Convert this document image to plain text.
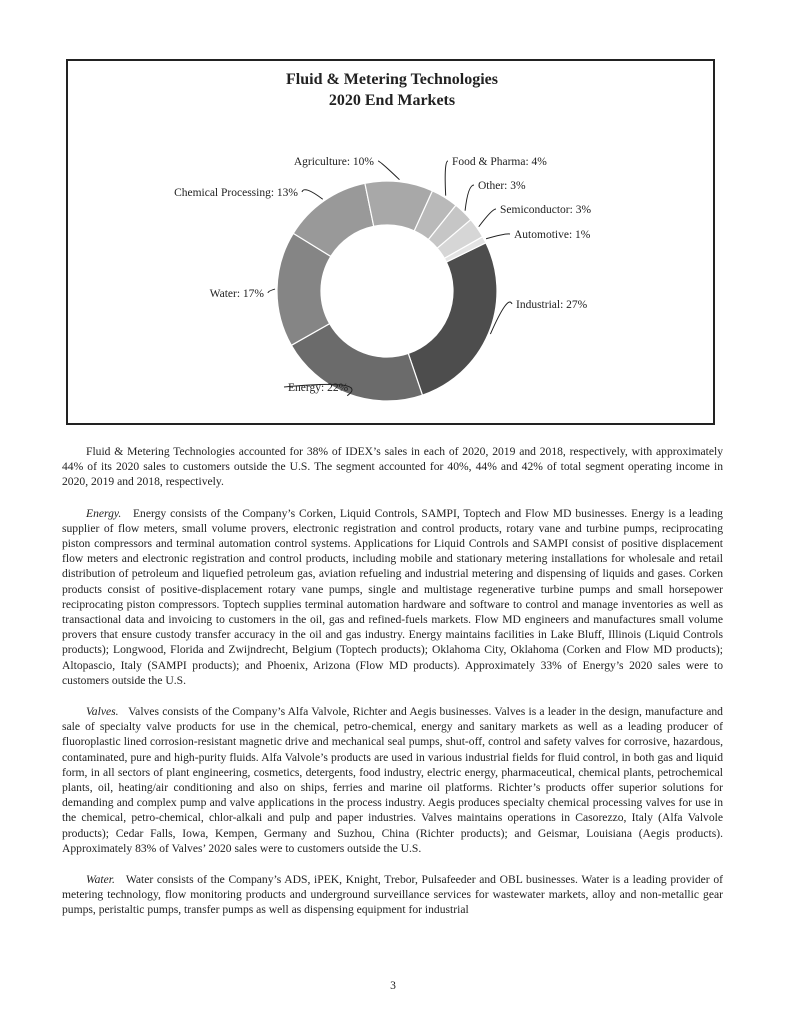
Fluid & Metering Technologies
2020 End Markets
Industrial: 27%
Energy: 22%
Water: 17%
Chemical Processing: 13%
Agriculture: 10%	Food & Pharma: 4%
Other: 3%
Semiconductor: 3%
Automotive: 1%

Fluid & Metering Technologies accounted for 38% of IDEX’s sales in each of 2020, 2019 and 2018, respectively, with approximately 44% of its 2020 sales to customers outside the U.S. The segment accounted for 40%, 44% and 42% of total segment operating income in 2020, 2019 and 2018, respectively.

Energy. Energy consists of the Company’s Corken, Liquid Controls, SAMPI, Toptech and Flow MD businesses. Energy is a leading supplier of flow meters, small volume provers, electronic registration and control products, rotary vane and turbine pumps, reciprocating piston compressors and terminal automation control systems. Applications for Liquid Controls and SAMPI consist of positive displacement flow meters and electronic registration and control products, including mobile and stationary metering installations for wholesale and retail distribution of petroleum and liquefied petroleum gas, aviation refueling and industrial metering and dispensing of liquids and gases. Corken products consist of positive-displacement rotary vane pumps, single and multistage regenerative turbine pumps and small horsepower reciprocating piston compressors. Toptech supplies terminal automation hardware and software to control and manage inventories as well as transactional data and invoicing to customers in the oil, gas and refined-fuels markets. Flow MD engineers and manufactures small volume provers that ensure custody transfer accuracy in the oil and gas industry. Energy maintains facilities in Lake Bluff, Illinois (Liquid Controls products); Longwood, Florida and Zwijndrecht, Belgium (Toptech products); Oklahoma City, Oklahoma (Corken and Flow MD products); Altopascio, Italy (SAMPI products); and Phoenix, Arizona (Flow MD products). Approximately 33% of Energy’s 2020 sales were to customers outside the U.S.

Valves. Valves consists of the Company’s Alfa Valvole, Richter and Aegis businesses. Valves is a leader in the design, manufacture and sale of specialty valve products for use in the chemical, petro-chemical, energy and sanitary markets as well as a leading producer of fluoroplastic lined corrosion-resistant magnetic drive and mechanical seal pumps, shut-off, control and safety valves for corrosive, hazardous, contaminated, pure and high-purity fluids. Alfa Valvole’s products are used in various industrial fields for fluid control, in both gas and liquid form, in all sectors of plant engineering, cosmetics, detergents, food industry, electric energy, pharmaceutical, chemical plants, petrochemical plants, oil, heating/air conditioning and also on ships, ferries and marine oil platforms. Richter’s products offer superior solutions for demanding and complex pump and valve applications in the process industry. Aegis produces specialty chemical processing valves for use in the chemical, petro-chemical, chlor-alkali and pulp and paper industries. Valves maintains operations in Casorezzo, Italy (Alfa Valvole products); Cedar Falls, Iowa, Kempen, Germany and Suzhou, China (Richter products); and Geismar, Louisiana (Aegis products). Approximately 83% of Valves’ 2020 sales were to customers outside the U.S.

Water. Water consists of the Company’s ADS, iPEK, Knight, Trebor, Pulsafeeder and OBL businesses. Water is a leading provider of metering technology, flow monitoring products and underground surveillance services for wastewater markets, alloy and non-metallic gear pumps, peristaltic pumps, transfer pumps as well as dispensing equipment for industrial

3
